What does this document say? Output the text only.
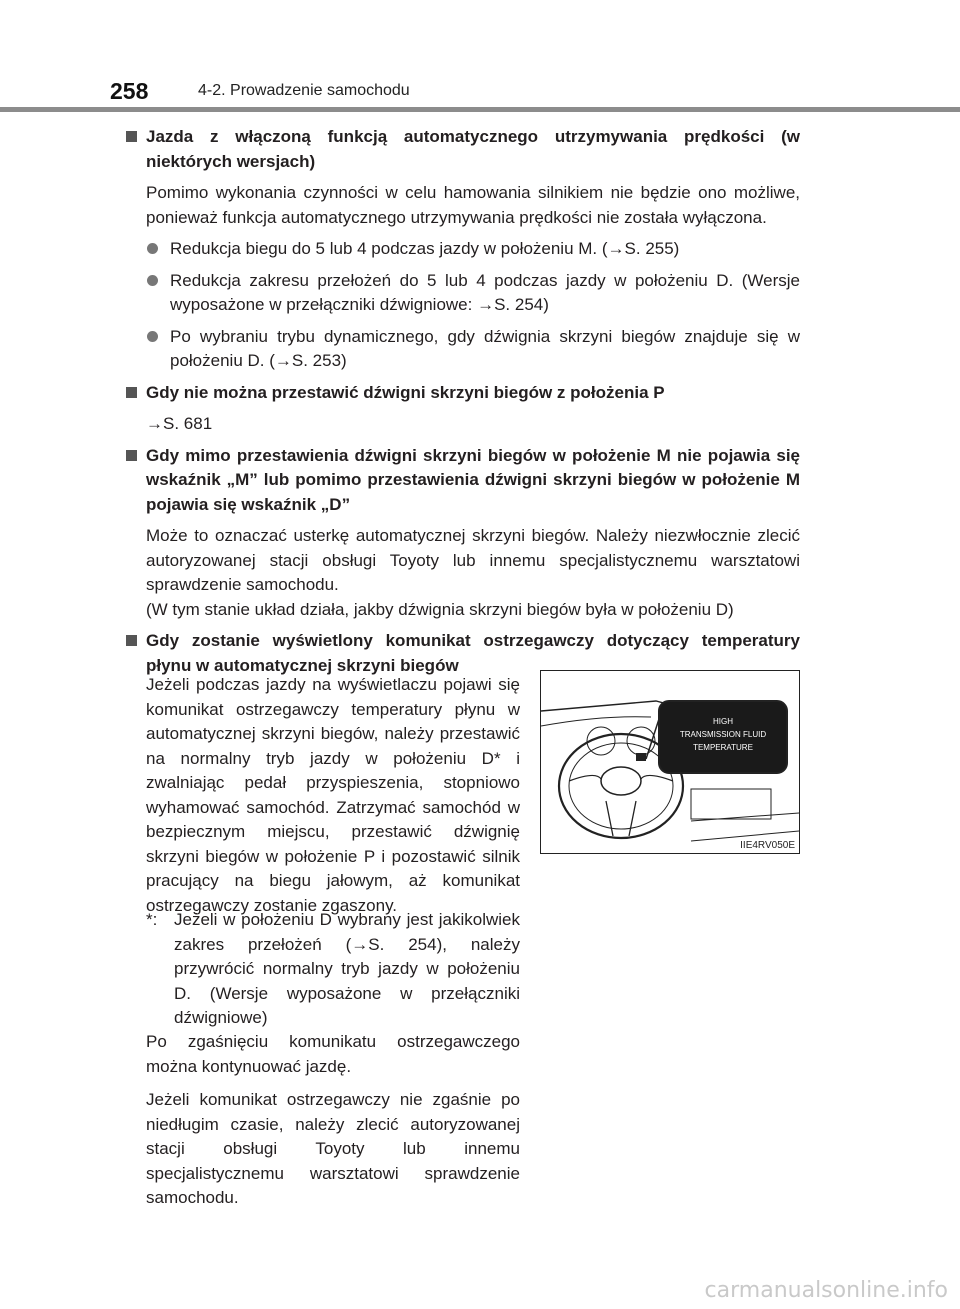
258	4-2. Prowadzenie samochodu
Jazda z włączoną funkcją automatycznego utrzymywania prędkości (w niektórych wersjach)
Pomimo wykonania czynności w celu hamowania silnikiem nie będzie ono możliwe, ponieważ funkcja automatycznego utrzymywania prędkości nie została wyłączona.
Redukcja biegu do 5 lub 4 podczas jazdy w położeniu M. (→S. 255)
Redukcja zakresu przełożeń do 5 lub 4 podczas jazdy w położeniu D. (Wersje wyposażone w przełączniki dźwigniowe: →S. 254)
Po wybraniu trybu dynamicznego, gdy dźwignia skrzyni biegów znajduje się w położeniu D. (→S. 253)
Gdy nie można przestawić dźwigni skrzyni biegów z położenia P
→S. 681
Gdy mimo przestawienia dźwigni skrzyni biegów w położenie M nie pojawia się wskaźnik „M” lub pomimo przestawienia dźwigni skrzyni biegów w położenie M pojawia się wskaźnik „D”
Może to oznaczać usterkę automatycznej skrzyni biegów. Należy niezwłocznie zlecić autoryzowanej stacji obsługi Toyoty lub innemu specjalistycznemu warsztatowi sprawdzenie samochodu.
(W tym stanie układ działa, jakby dźwignia skrzyni biegów była w położeniu D)
Gdy zostanie wyświetlony komunikat ostrzegawczy dotyczący temperatury płynu w automatycznej skrzyni biegów
Jeżeli podczas jazdy na wyświetlaczu pojawi się komunikat ostrzegawczy temperatury płynu w automatycznej skrzyni biegów, należy przestawić na normalny tryb jazdy w położeniu D* i zwalniając pedał przyspieszenia, stopniowo wyhamować samochód. Zatrzymać samochód w bezpiecznym miejscu, przestawić dźwignię skrzyni biegów w położenie P i pozostawić silnik pracujący na biegu jałowym, aż komunikat ostrzegawczy zostanie zgaszony.
*: Jeżeli w położeniu D wybrany jest jakikolwiek zakres przełożeń (→S. 254), należy przywrócić normalny tryb jazdy w położeniu D. (Wersje wyposażone w przełączniki dźwigniowe)
Po zgaśnięciu komunikatu ostrzegawczego można kontynuować jazdę.
Jeżeli komunikat ostrzegawczy nie zgaśnie po niedługim czasie, należy zlecić autoryzowanej stacji obsługi Toyoty lub innemu specjalistycznemu warsztatowi sprawdzenie samochodu.
HIGH
TRANSMISSION FLUID
TEMPERATURE
IIE4RV050E
carmanualsonline.info
